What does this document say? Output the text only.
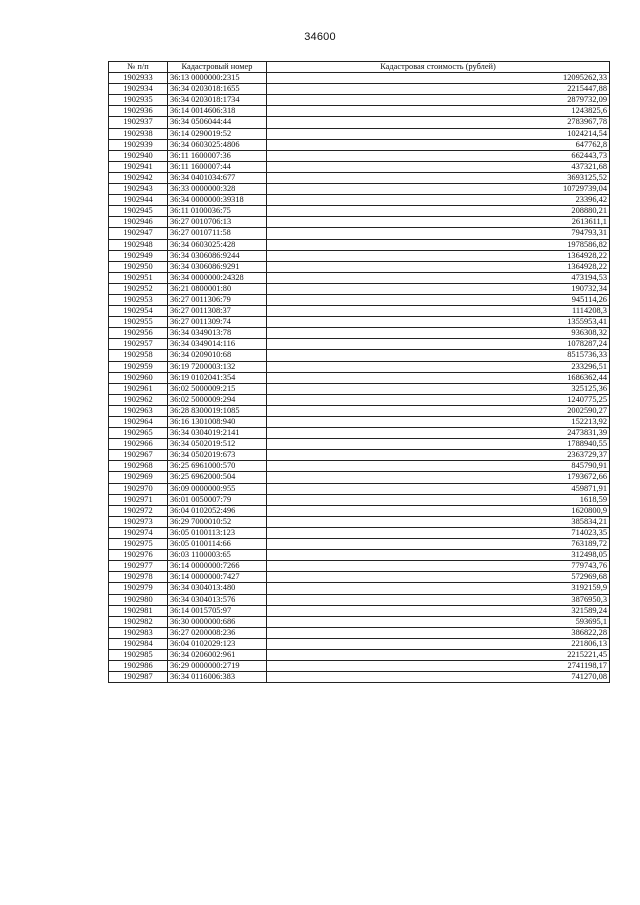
34600
№ п/п	Кадастровый номер	Кадастровая стоимость (рублей)
1902933	36:13 0000000:2315	12095262,33
1902934	36:34 0203018:1655	2215447,88
1902935	36:34 0203018:1734	2879732,09
1902936	36:14 0014606:318	1243825,6
1902937	36:34 0506044:44	2783967,78
1902938	36:14 0290019:52	1024214,54
1902939	36:34 0603025:4806	647762,8
1902940	36:11 1600007:36	662443,73
1902941	36:11 1600007:44	437321,68
1902942	36:34 0401034:677	3693125,52
1902943	36:33 0000000:328	10729739,04
1902944	36:34 0000000:39318	23396,42
1902945	36:11 0100036:75	208880,21
1902946	36:27 0010706:13	2613611,1
1902947	36:27 0010711:58	794793,31
1902948	36:34 0603025:428	1978586,82
1902949	36:34 0306086:9244	1364928,22
1902950	36:34 0306086:9291	1364928,22
1902951	36:34 0000000:24328	473194,53
1902952	36:21 0800001:80	190732,34
1902953	36:27 0011306:79	945114,26
1902954	36:27 0011308:37	1114208,3
1902955	36:27 0011309:74	1355953,41
1902956	36:34 0349013:78	936308,32
1902957	36:34 0349014:116	1078287,24
1902958	36:34 0209010:68	8515736,33
1902959	36:19 7200003:132	233296,51
1902960	36:19 0102041:354	1686362,44
1902961	36:02 5000009:215	325125,36
1902962	36:02 5000009:294	1240775,25
1902963	36:28 8300019:1085	2002590,27
1902964	36:16 1301008:940	152213,92
1902965	36:34 0304019:2141	2473831,39
1902966	36:34 0502019:512	1788940,55
1902967	36:34 0502019:673	2363729,37
1902968	36:25 6961000:570	845790,91
1902969	36:25 6962000:504	1793672,66
1902970	36:09 0000000:955	459871,91
1902971	36:01 0050007:79	1618,59
1902972	36:04 0102052:496	1620800,9
1902973	36:29 7000010:52	385834,21
1902974	36:05 0100113:123	714023,35
1902975	36:05 0100114:66	763189,72
1902976	36:03 1100003:65	312498,05
1902977	36:14 0000000:7266	779743,76
1902978	36:14 0000000:7427	572969,68
1902979	36:34 0304013:480	3192159,9
1902980	36:34 0304013:576	3876950,3
1902981	36:14 0015705:97	321589,24
1902982	36:30 0000000:686	593695,1
1902983	36:27 0200008:236	386822,28
1902984	36:04 0102029:123	221806,13
1902985	36:34 0206002:961	2215221,45
1902986	36:29 0000000:2719	2741198,17
1902987	36:34 0116006:383	741270,08
